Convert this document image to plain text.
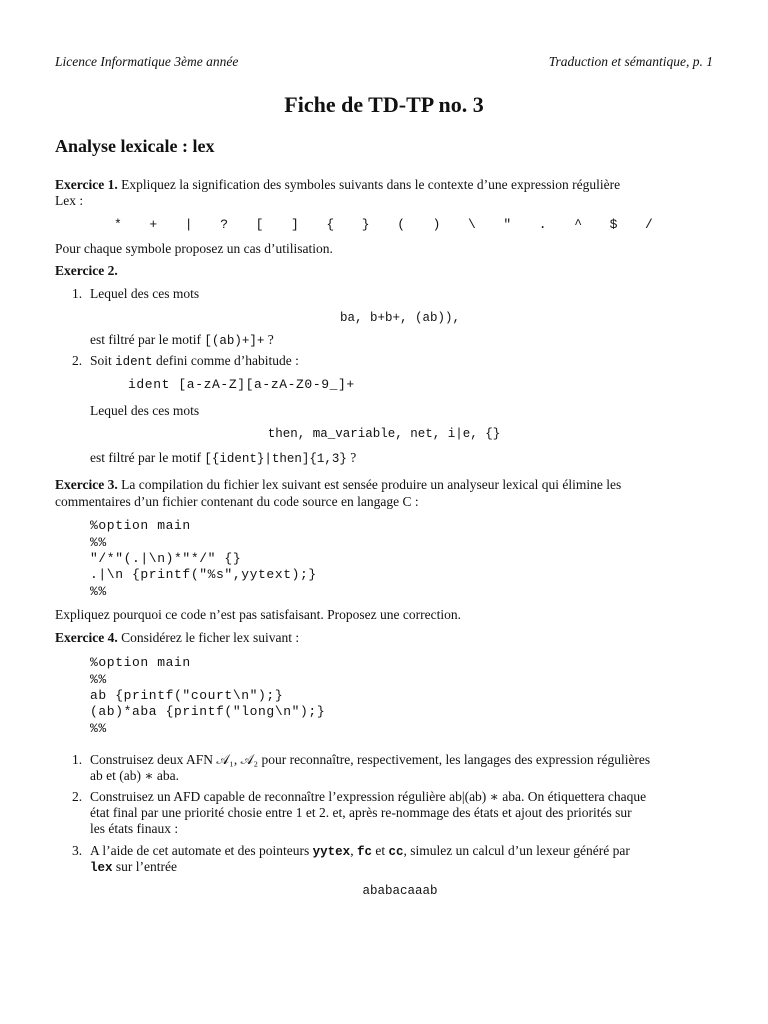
Licence Informatique 3ème année	Traduction et sémantique, p. 1
Fiche de TD-TP no. 3
Analyse lexicale : lex
Exercice 1. Expliquez la signification des symboles suivants dans le contexte d’une expression régulière
Lex :
* + | ? [ ] { } ( ) \ " . ^ $ /
Pour chaque symbole proposez un cas d’utilisation.
Exercice 2.
1. Lequel des ces mots
ba, b+b+, (ab)),
est filtré par le motif [(ab)+]+ ?
2. Soit ident defini comme d’habitude :
ident [a-zA-Z][a-zA-Z0-9_]+
Lequel des ces mots
then, ma_variable, net, i|e, {}
est filtré par le motif [{ident}|then]{1,3} ?
Exercice 3. La compilation du fichier lex suivant est sensée produire un analyseur lexical qui élimine les
commentaires d’un fichier contenant du code source en langage C :
%option main
%%
"/*"(.|\n)*"*/" {}
.|\n {printf("%s",yytext);}
%%
Expliquez pourquoi ce code n’est pas satisfaisant. Proposez une correction.
Exercice 4. Considérez le ficher lex suivant :
%option main
%%
ab {printf("court\n");}
(ab)*aba {printf("long\n");}
%%
1. Construisez deux AFN 𝒜₁, 𝒜₂ pour reconnaître, respectivement, les langages des expression régulières
ab et (ab) ∗ aba.
2. Construisez un AFD capable de reconnaître l’expression régulière ab|(ab) ∗ aba. On étiquettera chaque
état final par une priorité chosie entre 1 et 2. et, après re-nommage des états et ajout des priorités sur
les états finaux :
3. A l’aide de cet automate et des pointeurs yytex, fc et cc, simulez un calcul d’un lexeur généré par
lex sur l’entrée
ababacaaab
